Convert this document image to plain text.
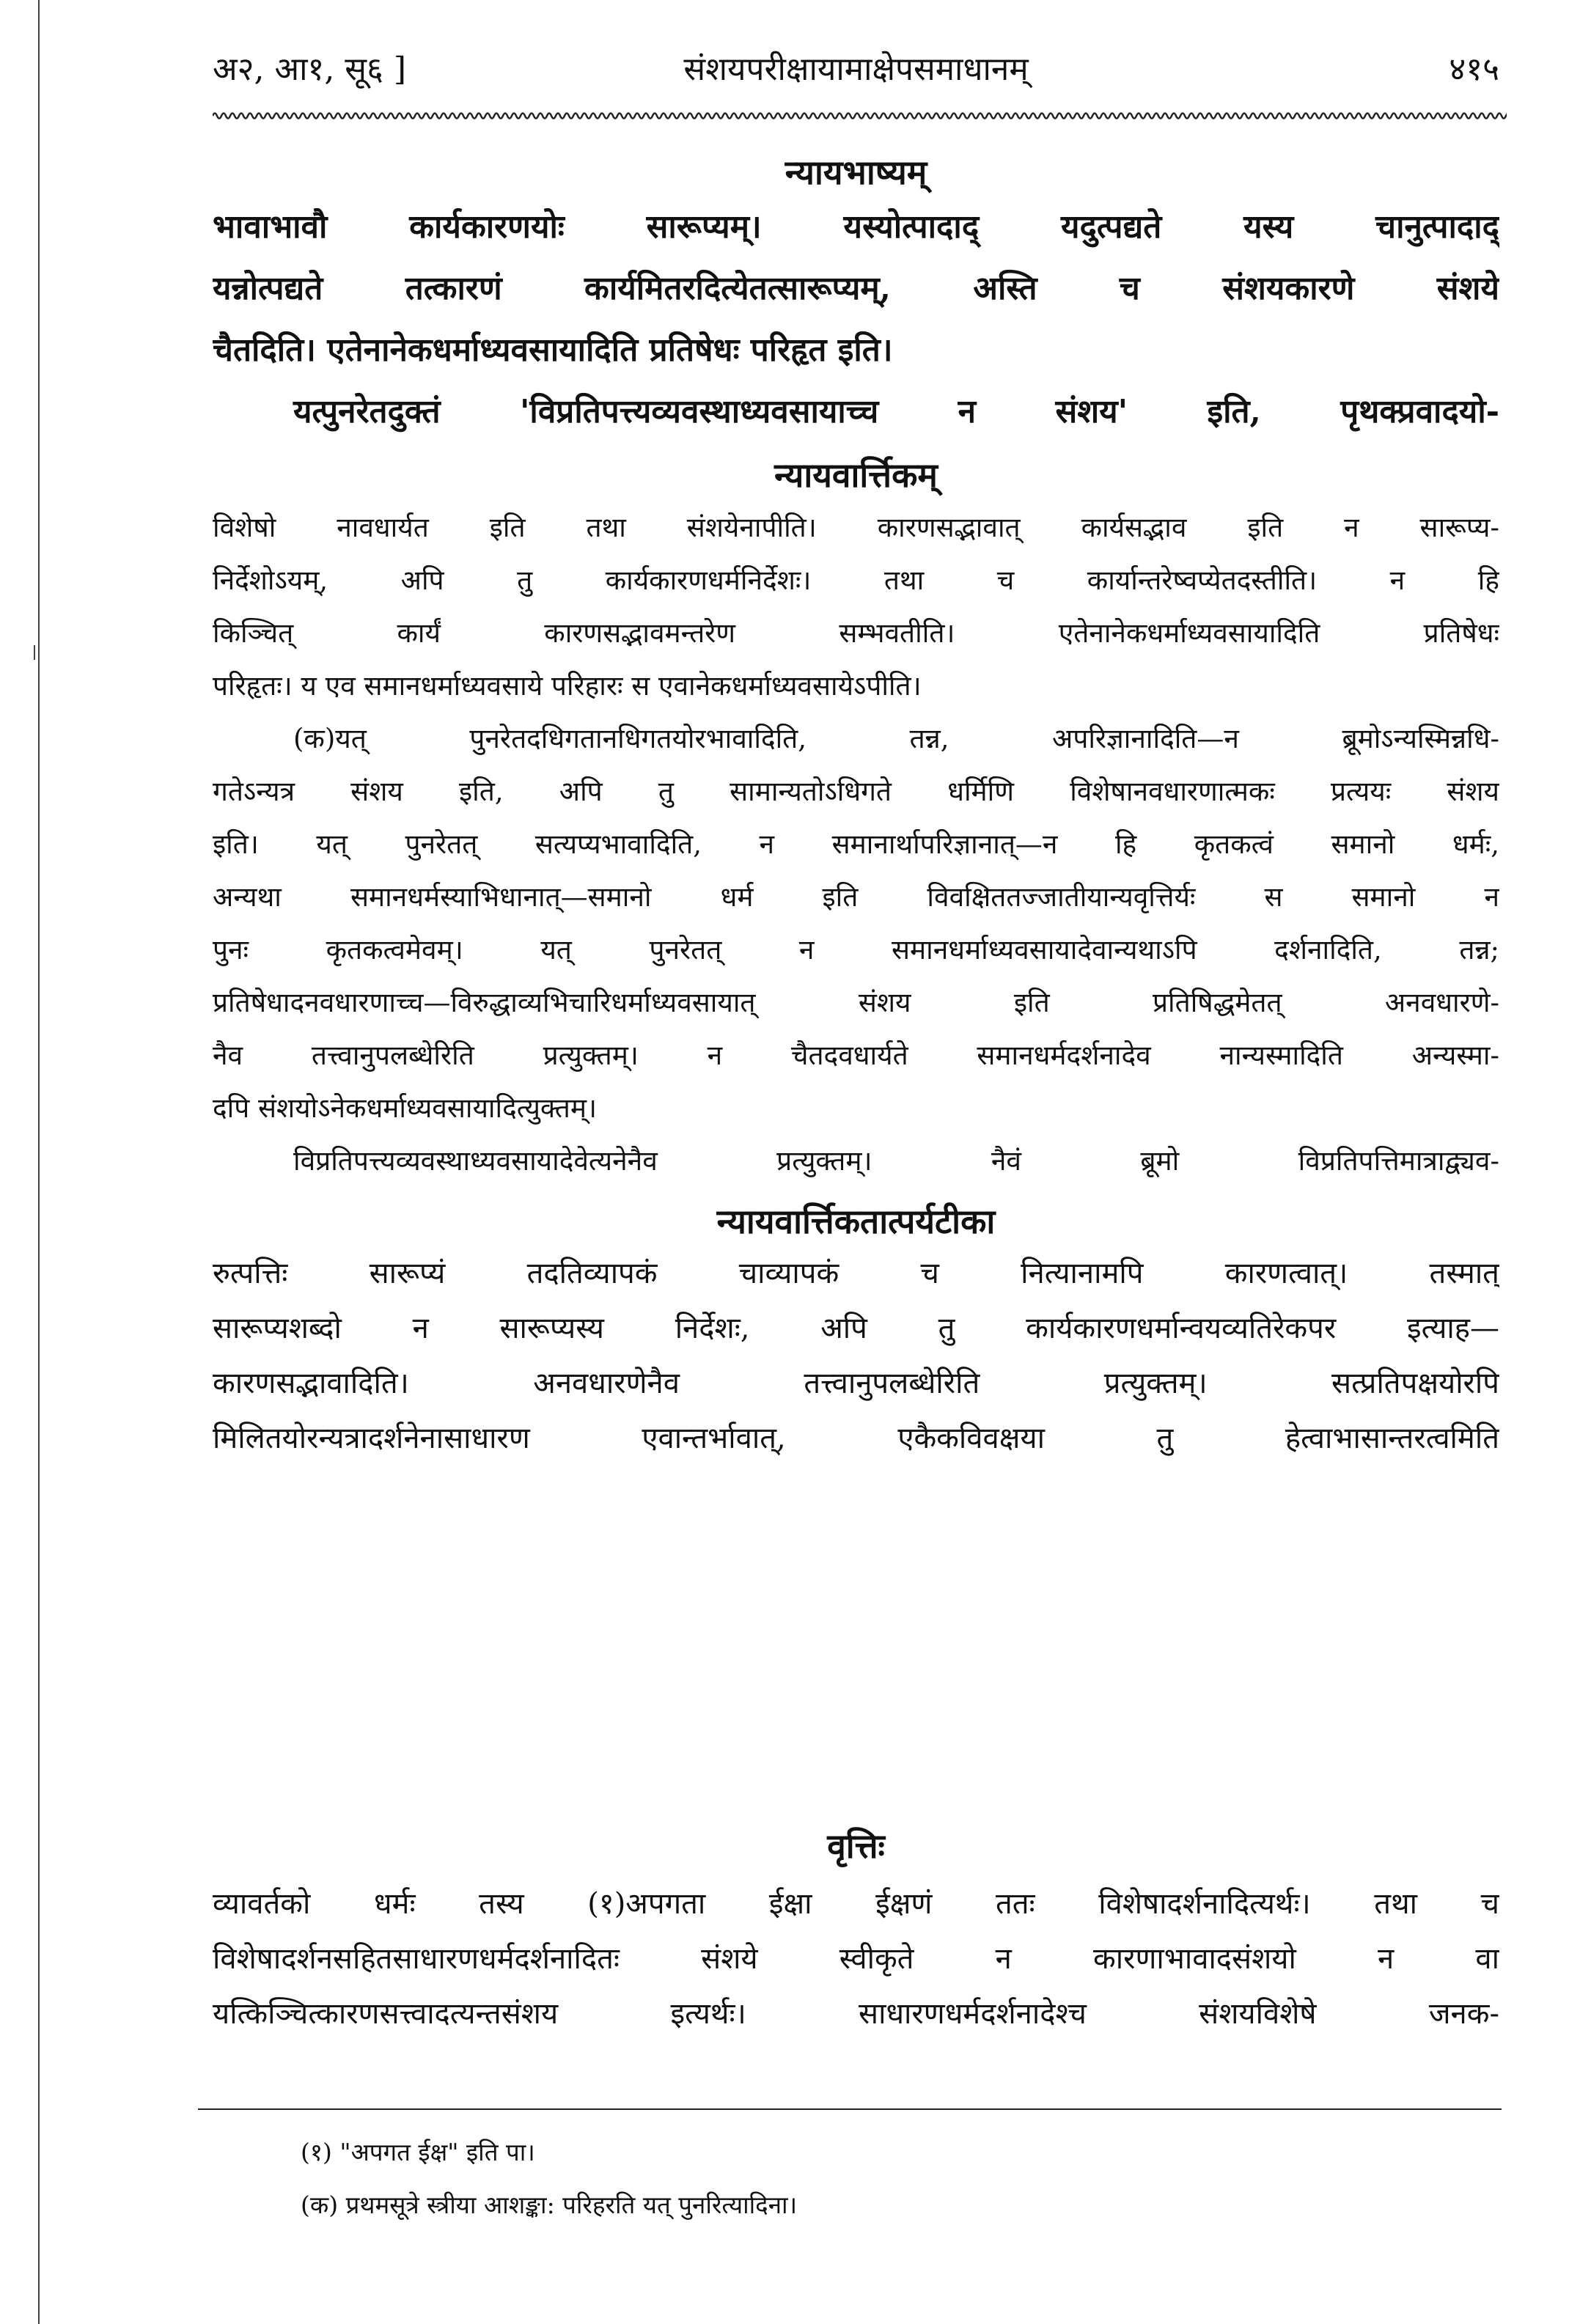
अ२, आ१, सू६ ]	संशयपरीक्षायामाक्षेपसमाधानम्	४१५
न्यायभाष्यम्
भावाभावौ कार्यकारणयोः सारूप्यम्। यस्योत्पादाद् यदुत्पद्यते यस्य चानुत्पादाद्
यन्नोत्पद्यते तत्कारणं कार्यमितरदित्येतत्सारूप्यम्, अस्ति च संशयकारणे संशये
चैतदिति। एतेनानेकधर्माध्यवसायादिति प्रतिषेधः परिहृत इति।
यत्पुनरेतदुक्तं 'विप्रतिपत्त्यव्यवस्थाध्यवसायाच्च न संशय' इति, पृथक्प्रवादयो-
न्यायवार्त्तिकम्
विशेषो नावधार्यत इति तथा संशयेनापीति। कारणसद्भावात् कार्यसद्भाव इति न सारूप्य-
निर्देशोऽयम्, अपि तु कार्यकारणधर्मनिर्देशः। तथा च कार्यान्तरेष्वप्येतदस्तीति। न हि
किञ्चित् कार्यं कारणसद्भावमन्तरेण सम्भवतीति। एतेनानेकधर्माध्यवसायादिति प्रतिषेधः
परिहृतः। य एव समानधर्माध्यवसाये परिहारः स एवानेकधर्माध्यवसायेऽपीति।
(क)यत् पुनरेतदधिगतानधिगतयोरभावादिति, तन्न, अपरिज्ञानादिति—न ब्रूमोऽन्यस्मिन्नधि-
गतेऽन्यत्र संशय इति, अपि तु सामान्यतोऽधिगते धर्मिणि विशेषानवधारणात्मकः प्रत्ययः संशय
इति। यत् पुनरेतत् सत्यप्यभावादिति, न समानार्थापरिज्ञानात्—न हि कृतकत्वं समानो धर्मः,
अन्यथा समानधर्मस्याभिधानात्—समानो धर्म इति विवक्षिततज्जातीयान्यवृत्तिर्यः स समानो न
पुनः कृतकत्वमेवम्। यत् पुनरेतत् न समानधर्माध्यवसायादेवान्यथाऽपि दर्शनादिति, तन्न;
प्रतिषेधादनवधारणाच्च—विरुद्धाव्यभिचारिधर्माध्यवसायात् संशय इति प्रतिषिद्धमेतत् अनवधारणे-
नैव तत्त्वानुपलब्धेरिति प्रत्युक्तम्। न चैतदवधार्यते समानधर्मदर्शनादेव नान्यस्मादिति अन्यस्मा-
दपि संशयोऽनेकधर्माध्यवसायादित्युक्तम्।
विप्रतिपत्त्यव्यवस्थाध्यवसायादेवेत्यनेनैव प्रत्युक्तम्। नैवं ब्रूमो विप्रतिपत्तिमात्राद्व्यव-
न्यायवार्त्तिकतात्पर्यटीका
रुत्पत्तिः सारूप्यं तदतिव्यापकं चाव्यापकं च नित्यानामपि कारणत्वात्। तस्मात्
सारूप्यशब्दो न सारूप्यस्य निर्देशः, अपि तु कार्यकारणधर्मान्वयव्यतिरेकपर इत्याह—
कारणसद्भावादिति। अनवधारणेनैव तत्त्वानुपलब्धेरिति प्रत्युक्तम्। सत्प्रतिपक्षयोरपि
मिलितयोरन्यत्रादर्शनेनासाधारण एवान्तर्भावात्, एकैकविवक्षया तु हेत्वाभासान्तरत्वमिति
वृत्तिः
व्यावर्तको धर्मः तस्य (१)अपगता ईक्षा ईक्षणं ततः विशेषादर्शनादित्यर्थः। तथा च
विशेषादर्शनसहितसाधारणधर्मदर्शनादितः संशये स्वीकृते न कारणाभावादसंशयो न वा
यत्किञ्चित्कारणसत्त्वादत्यन्तसंशय इत्यर्थः। साधारणधर्मदर्शनादेश्च संशयविशेषे जनक-
(१) "अपगत ईक्ष" इति पा।
(क) प्रथमसूत्रे स्त्रीया आशङ्का: परिहरति यत् पुनरित्यादिना।
